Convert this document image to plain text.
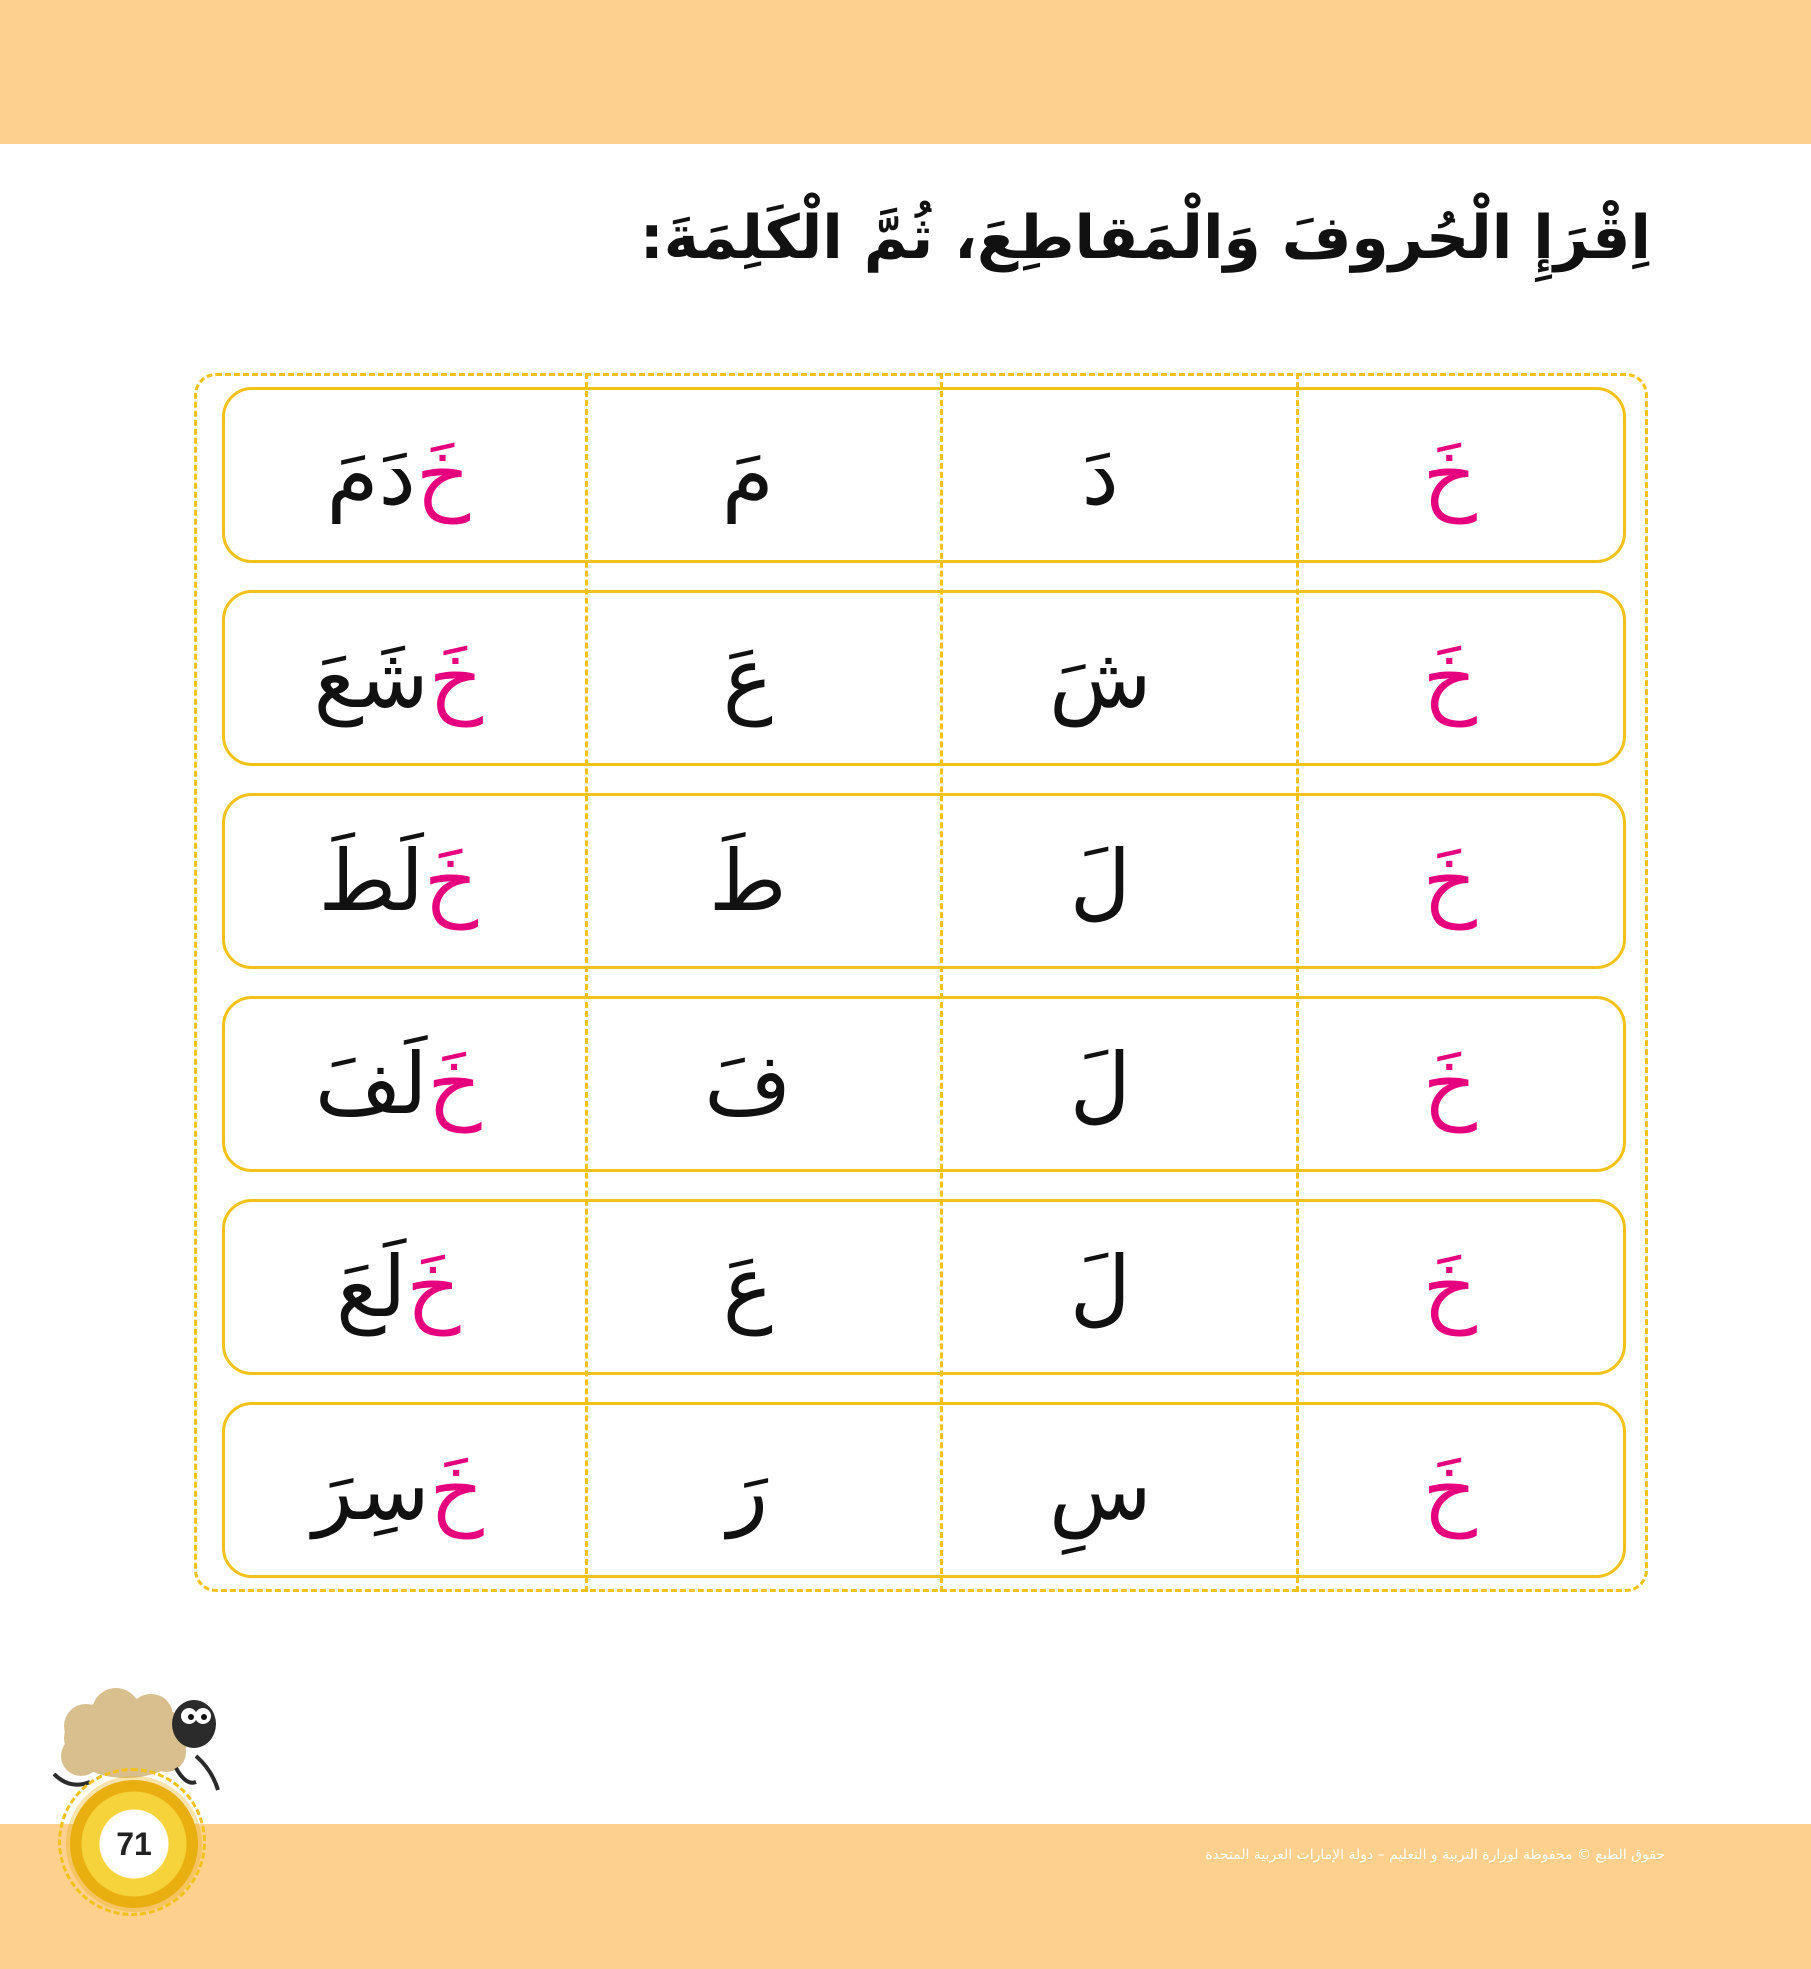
اِقْرَإِ الْحُروفَ وَالْمَقاطِعَ، ثُمَّ الْكَلِمَةَ:
خَ
دَ
مَ
خَ
دَمَ
خَ
شَ
عَ
خَ
شَعَ
خَ
لَ
طَ
خَ
لَطَ
خَ
لَ
فَ
خَ
لَفَ
خَ
لَ
عَ
خَ
لَعَ
خَ
سِ
رَ
خَ
سِرَ
71	حقوق الطبع © محفوظة لوزارة التربية و التعليم – دولة الإمارات العربية المتحدة
